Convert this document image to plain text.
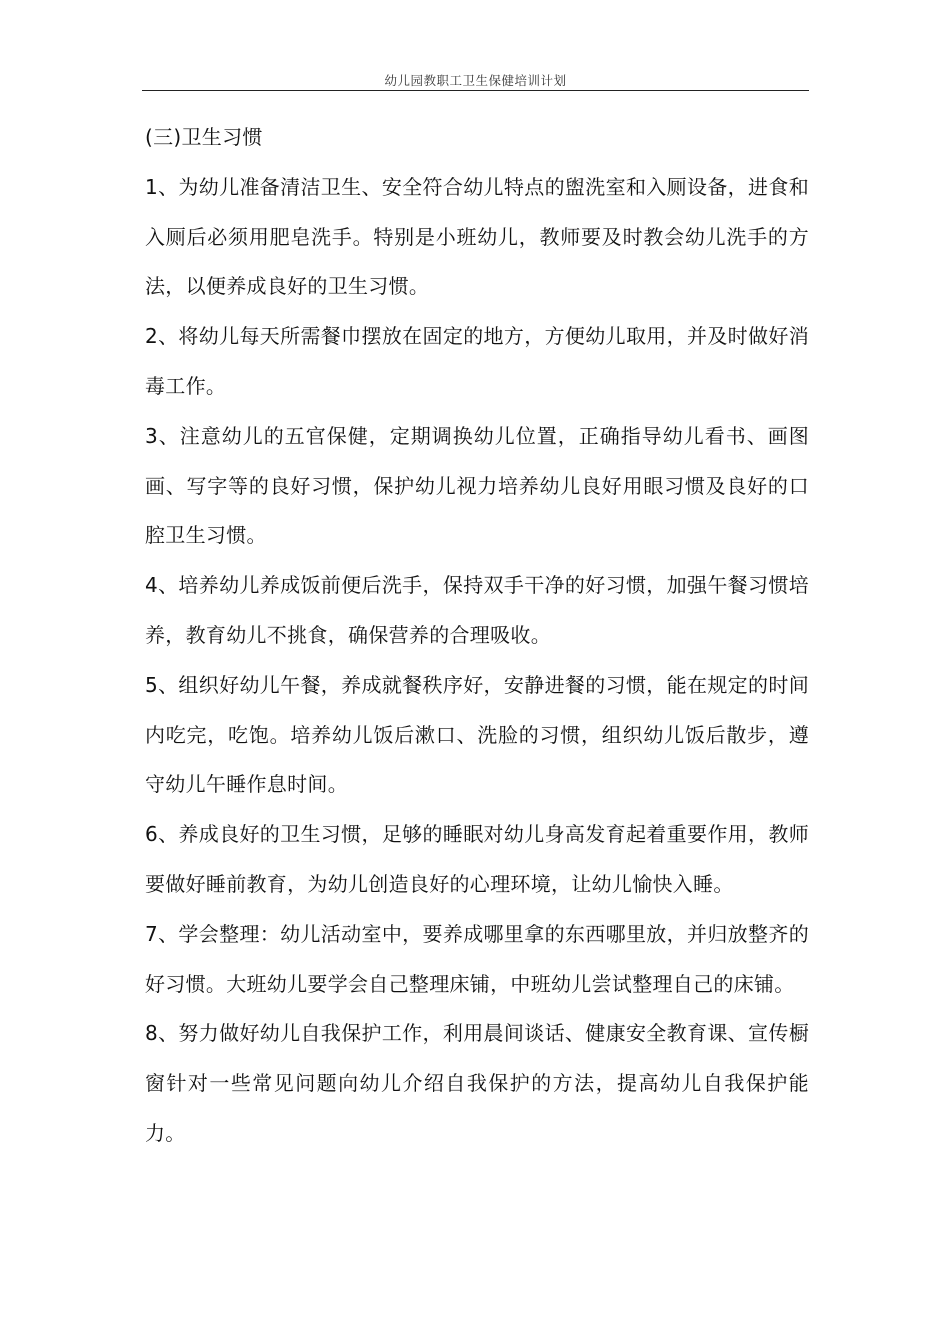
幼儿园教职工卫生保健培训计划

(三)卫生习惯

1、为幼儿准备清洁卫生、安全符合幼儿特点的盥洗室和入厕设备，进食和入厕后必须用肥皂洗手。特别是小班幼儿，教师要及时教会幼儿洗手的方法，以便养成良好的卫生习惯。

2、将幼儿每天所需餐巾摆放在固定的地方，方便幼儿取用，并及时做好消毒工作。

3、注意幼儿的五官保健，定期调换幼儿位置，正确指导幼儿看书、画图画、写字等的良好习惯，保护幼儿视力培养幼儿良好用眼习惯及良好的口腔卫生习惯。

4、培养幼儿养成饭前便后洗手，保持双手干净的好习惯，加强午餐习惯培养，教育幼儿不挑食，确保营养的合理吸收。

5、组织好幼儿午餐，养成就餐秩序好，安静进餐的习惯，能在规定的时间内吃完，吃饱。培养幼儿饭后漱口、洗脸的习惯，组织幼儿饭后散步，遵守幼儿午睡作息时间。

6、养成良好的卫生习惯，足够的睡眠对幼儿身高发育起着重要作用，教师要做好睡前教育，为幼儿创造良好的心理环境，让幼儿愉快入睡。

7、学会整理：幼儿活动室中，要养成哪里拿的东西哪里放，并归放整齐的好习惯。大班幼儿要学会自己整理床铺，中班幼儿尝试整理自己的床铺。

8、努力做好幼儿自我保护工作，利用晨间谈话、健康安全教育课、宣传橱窗针对一些常见问题向幼儿介绍自我保护的方法，提高幼儿自我保护能力。
